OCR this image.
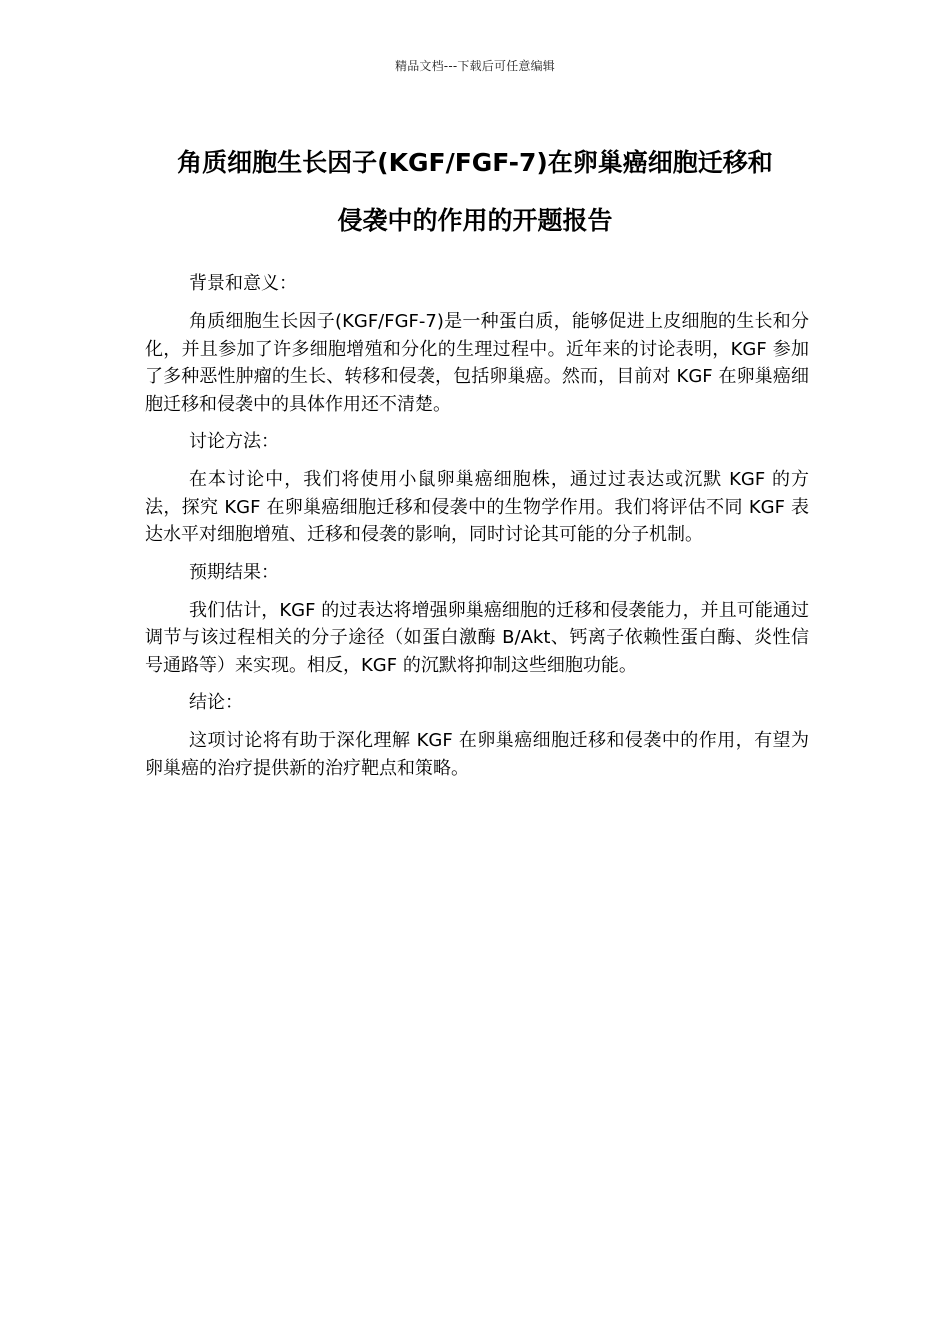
精品文档---下载后可任意编辑
角质细胞生长因子(KGF/FGF-7)在卵巢癌细胞迁移和
侵袭中的作用的开题报告

背景和意义：

角质细胞生长因子(KGF/FGF-7)是一种蛋白质，能够促进上皮细胞的生长和分化，并且参加了许多细胞增殖和分化的生理过程中。近年来的讨论表明，KGF 参加了多种恶性肿瘤的生长、转移和侵袭，包括卵巢癌。然而，目前对 KGF 在卵巢癌细胞迁移和侵袭中的具体作用还不清楚。

讨论方法：

在本讨论中，我们将使用小鼠卵巢癌细胞株，通过过表达或沉默 KGF 的方法，探究 KGF 在卵巢癌细胞迁移和侵袭中的生物学作用。我们将评估不同 KGF 表达水平对细胞增殖、迁移和侵袭的影响，同时讨论其可能的分子机制。

预期结果：

我们估计，KGF 的过表达将增强卵巢癌细胞的迁移和侵袭能力，并且可能通过调节与该过程相关的分子途径（如蛋白激酶 B/Akt、钙离子依赖性蛋白酶、炎性信号通路等）来实现。相反，KGF 的沉默将抑制这些细胞功能。

结论：

这项讨论将有助于深化理解 KGF 在卵巢癌细胞迁移和侵袭中的作用，有望为卵巢癌的治疗提供新的治疗靶点和策略。
